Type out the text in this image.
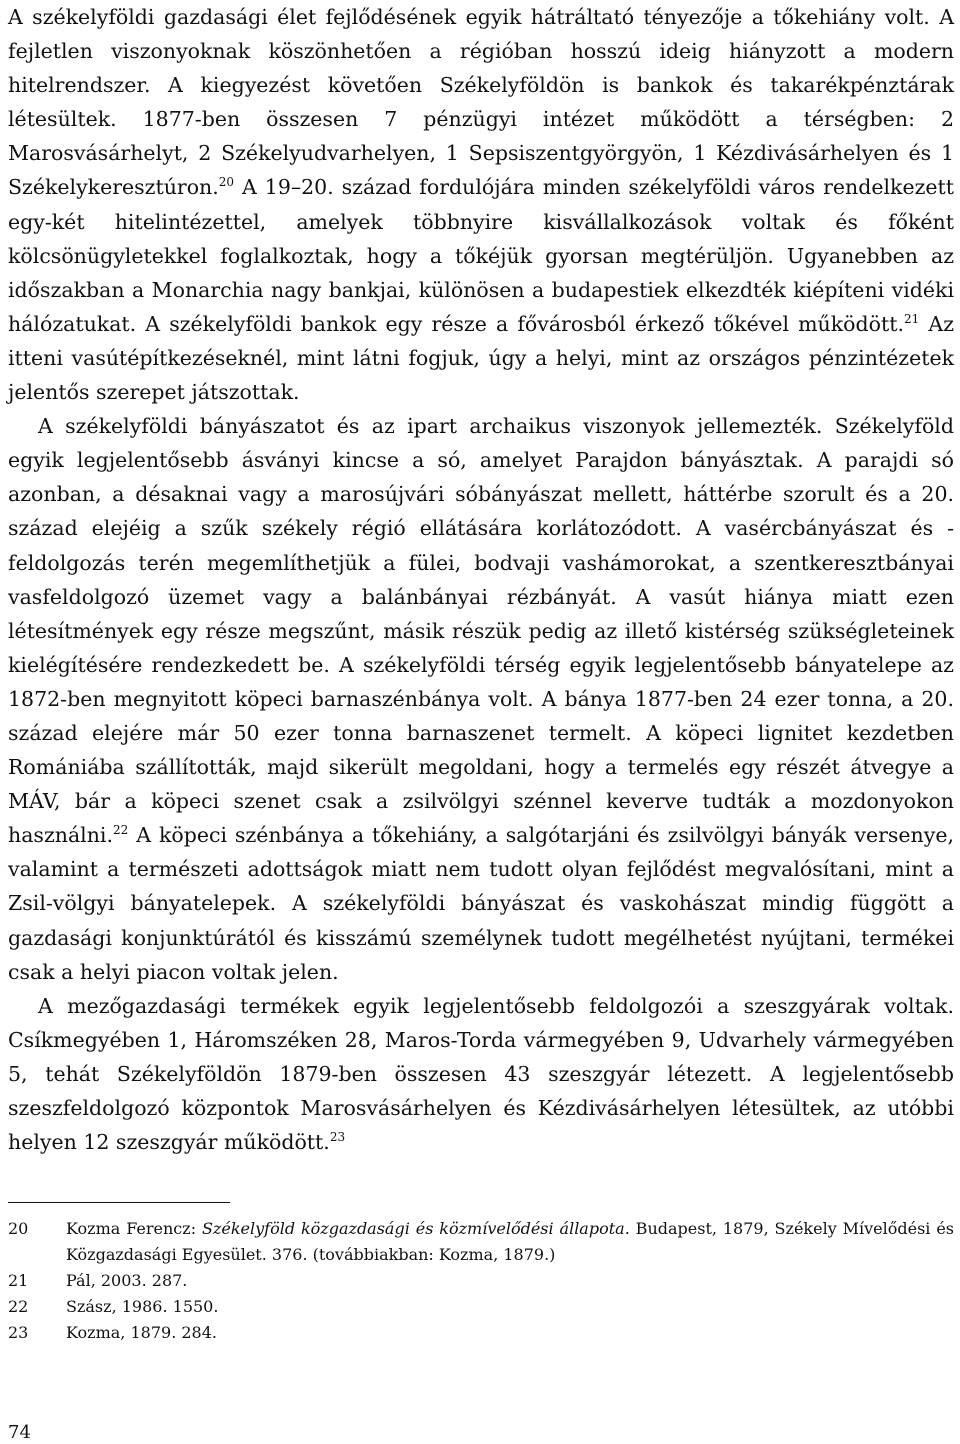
A székelyföldi gazdasági élet fejlődésének egyik hátráltató tényezője a tőkehiány volt. A fejletlen viszonyoknak köszönhetően a régióban hosszú ideig hiányzott a modern hitelrendszer. A kiegyezést követően Székelyföldön is bankok és takarékpénztárak létesültek. 1877-ben összesen 7 pénzügyi intézet működött a térségben: 2 Marosvásárhelyt, 2 Székelyudvarhelyen, 1 Sepsiszentgyörgyön, 1 Kézdivásárhelyen és 1 Székelykeresztúron.$^{20}$ A 19–20. század fordulójára minden székelyföldi város rendelkezett egy-két hitelintézettel, amelyek többnyire kisvállalkozások voltak és főként kölcsönügyletekkel foglalkoztak, hogy a tőkéjük gyorsan megtérüljön. Ugyanebben az időszakban a Monarchia nagy bankjai, különösen a budapestiek elkezdték kiépíteni vidéki hálózatukat. A székelyföldi bankok egy része a fővárosból érkező tőkével működött.$^{21}$ Az itteni vasútépítkezéseknél, mint látni fogjuk, úgy a helyi, mint az országos pénzintézetek jelentős szerepet játszottak.

A székelyföldi bányászatot és az ipart archaikus viszonyok jellemezték. Székelyföld egyik legjelentősebb ásványi kincse a só, amelyet Parajdon bányásztak. A parajdi só azonban, a désaknai vagy a marosújvári sóbányászat mellett, háttérbe szorult és a 20. század elejéig a szűk székely régió ellátására korlátozódott. A vasércbányászat és -feldolgozás terén megemlíthetjük a fülei, bodvaji vashámorokat, a szentkeresztbányai vasfeldolgozó üzemet vagy a balánbányai rézbányát. A vasút hiánya miatt ezen létesítmények egy része megszűnt, másik részük pedig az illető kistérség szükségleteinek kielégítésére rendezkedett be. A székelyföldi térség egyik legjelentősebb bányatelepe az 1872-ben megnyitott köpeci barnaszénbánya volt. A bánya 1877-ben 24 ezer tonna, a 20. század elejére már 50 ezer tonna barnaszenet termelt. A köpeci lignitet kezdetben Romániába szállították, majd sikerült megoldani, hogy a termelés egy részét átvegye a MÁV, bár a köpeci szenet csak a zsilvölgyi szénnel keverve tudták a mozdonyokon használni.$^{22}$ A köpeci szénbánya a tőkehiány, a salgótarjáni és zsilvölgyi bányák versenye, valamint a természeti adottságok miatt nem tudott olyan fejlődést megvalósítani, mint a Zsil-völgyi bányatelepek. A székelyföldi bányászat és vaskohászat mindig függött a gazdasági konjunktúrától és kisszámú személynek tudott megélhetést nyújtani, termékei csak a helyi piacon voltak jelen.

A mezőgazdasági termékek egyik legjelentősebb feldolgozói a szeszgyárak voltak. Csíkmegyében 1, Háromszéken 28, Maros-Torda vármegyében 9, Udvarhely vármegyében 5, tehát Székelyföldön 1879-ben összesen 43 szeszgyár létezett. A legjelentősebb szeszfeldolgozó központok Marosvásárhelyen és Kézdivásárhelyen létesültek, az utóbbi helyen 12 szeszgyár működött.$^{23}$

20	Kozma Ferencz: Székelyföld közgazdasági és közmívelődési állapota. Budapest, 1879, Székely Mívelődési és Közgazdasági Egyesület. 376. (továbbiakban: Kozma, 1879.)
21	Pál, 2003. 287.
22	Szász, 1986. 1550.
23	Kozma, 1879. 284.
74
